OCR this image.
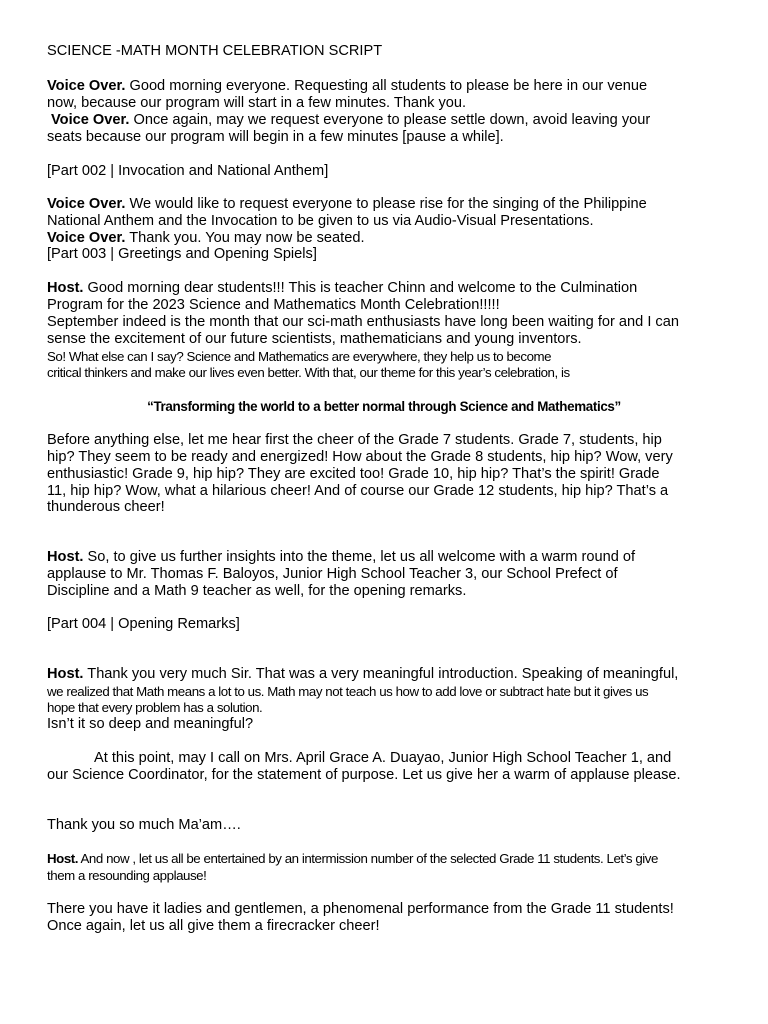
SCIENCE -MATH MONTH CELEBRATION SCRIPT

Voice Over. Good morning everyone. Requesting all students to please be here in our venue

now, because our program will start in a few minutes. Thank you.

Voice Over. Once again, may we request everyone to please settle down, avoid leaving your

seats because our program will begin in a few minutes [pause a while].

[Part 002 | Invocation and National Anthem]

Voice Over. We would like to request everyone to please rise for the singing of the Philippine

National Anthem and the Invocation to be given to us via Audio-Visual Presentations.

Voice Over. Thank you. You may now be seated.

[Part 003 | Greetings and Opening Spiels]

Host. Good morning dear students!!! This is teacher Chinn and welcome to the Culmination

Program for the 2023 Science and Mathematics Month Celebration!!!!!

September indeed is the month that our sci-math enthusiasts have long been waiting for and I can

sense the excitement of our future scientists, mathematicians and young inventors.

So! What else can I say? Science and Mathematics are everywhere, they help us to become

critical thinkers and make our lives even better. With that, our theme for this year’s celebration, is

“Transforming the world to a better normal through Science and Mathematics”

Before anything else, let me hear first the cheer of the Grade 7 students. Grade 7, students, hip

hip? They seem to be ready and energized! How about the Grade 8 students, hip hip? Wow, very

enthusiastic! Grade 9, hip hip? They are excited too! Grade 10, hip hip? That’s the spirit! Grade

11, hip hip? Wow, what a hilarious cheer! And of course our Grade 12 students, hip hip? That’s a

thunderous cheer!

Host. So, to give us further insights into the theme, let us all welcome with a warm round of

applause to Mr. Thomas F. Baloyos, Junior High School Teacher 3, our School Prefect of

Discipline and a Math 9 teacher as well, for the opening remarks.

[Part 004 | Opening Remarks]

Host. Thank you very much Sir. That was a very meaningful introduction. Speaking of meaningful,

we realized that Math means a lot to us. Math may not teach us how to add love or subtract hate but it gives us

hope that every problem has a solution.

Isn’t it so deep and meaningful?

At this point, may I call on Mrs. April Grace A. Duayao, Junior High School Teacher 1, and

our Science Coordinator, for the statement of purpose. Let us give her a warm of applause please.

Thank you so much Ma’am….

Host. And now , let us all be entertained by an intermission number of the selected Grade 11 students. Let’s give

them a resounding applause!

There you have it ladies and gentlemen, a phenomenal performance from the Grade 11 students!

Once again, let us all give them a firecracker cheer!
